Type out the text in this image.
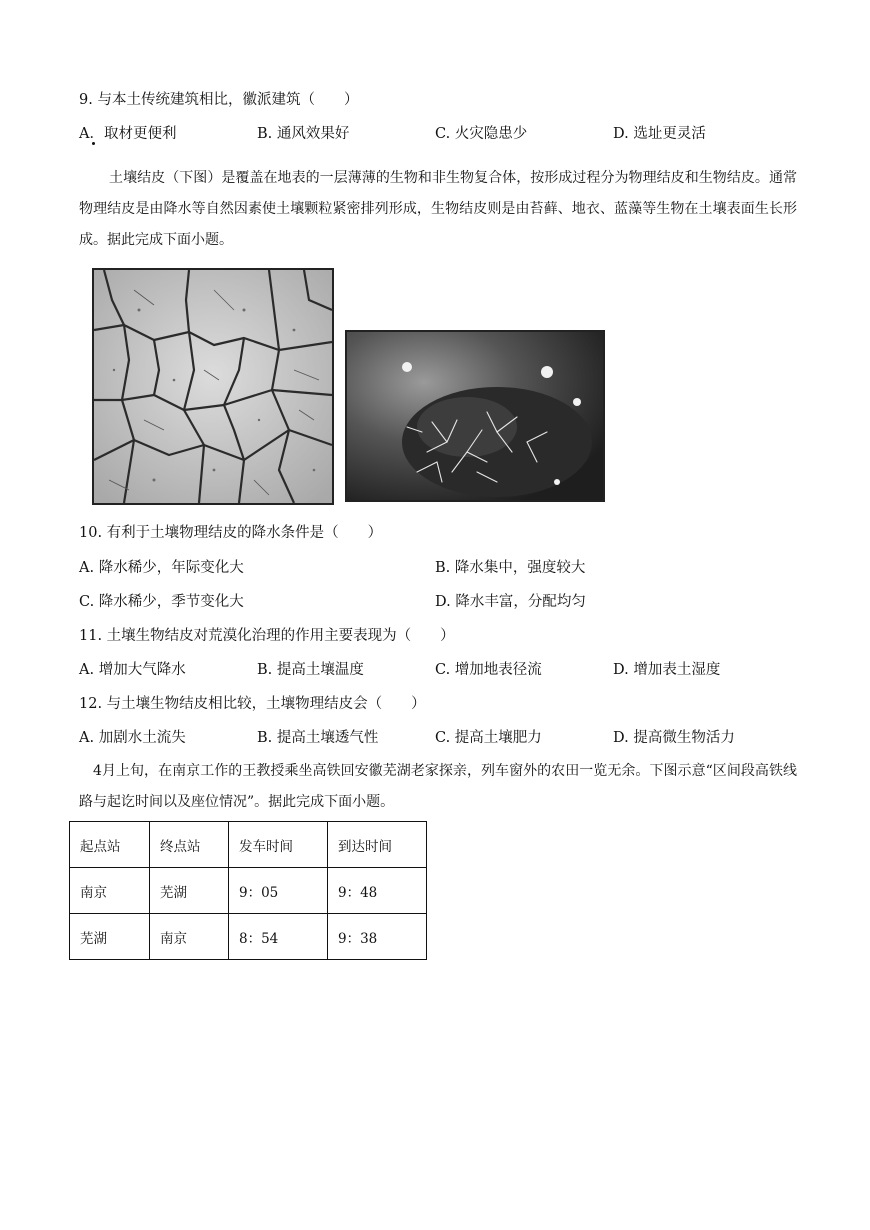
9. 与本土传统建筑相比，徽派建筑（　　）
A．取材更便利	B. 通风效果好	C. 火灾隐患少	D. 选址更灵活
土壤结皮（下图）是覆盖在地表的一层薄薄的生物和非生物复合体，按形成过程分为物理结皮和生物结皮。通常物理结皮是由降水等自然因素使土壤颗粒紧密排列形成，生物结皮则是由苔藓、地衣、蓝藻等生物在土壤表面生长形成。据此完成下面小题。
10. 有利于土壤物理结皮的降水条件是（　　）
A. 降水稀少，年际变化大	B. 降水集中，强度较大
C. 降水稀少，季节变化大	D. 降水丰富，分配均匀
11. 土壤生物结皮对荒漠化治理的作用主要表现为（　　）
A. 增加大气降水	B. 提高土壤温度	C. 增加地表径流	D. 增加表土湿度
12. 与土壤生物结皮相比较，土壤物理结皮会（　　）
A. 加剧水土流失	B. 提高土壤透气性	C. 提高土壤肥力	D. 提高微生物活力
4月上旬，在南京工作的王教授乘坐高铁回安徽芜湖老家探亲，列车窗外的农田一览无余。下图示意“区间段高铁线路与起讫时间以及座位情况”。据此完成下面小题。
起点站	终点站	发车时间	到达时间
南京	芜湖	9：05	9：48
芜湖	南京	8：54	9：38
